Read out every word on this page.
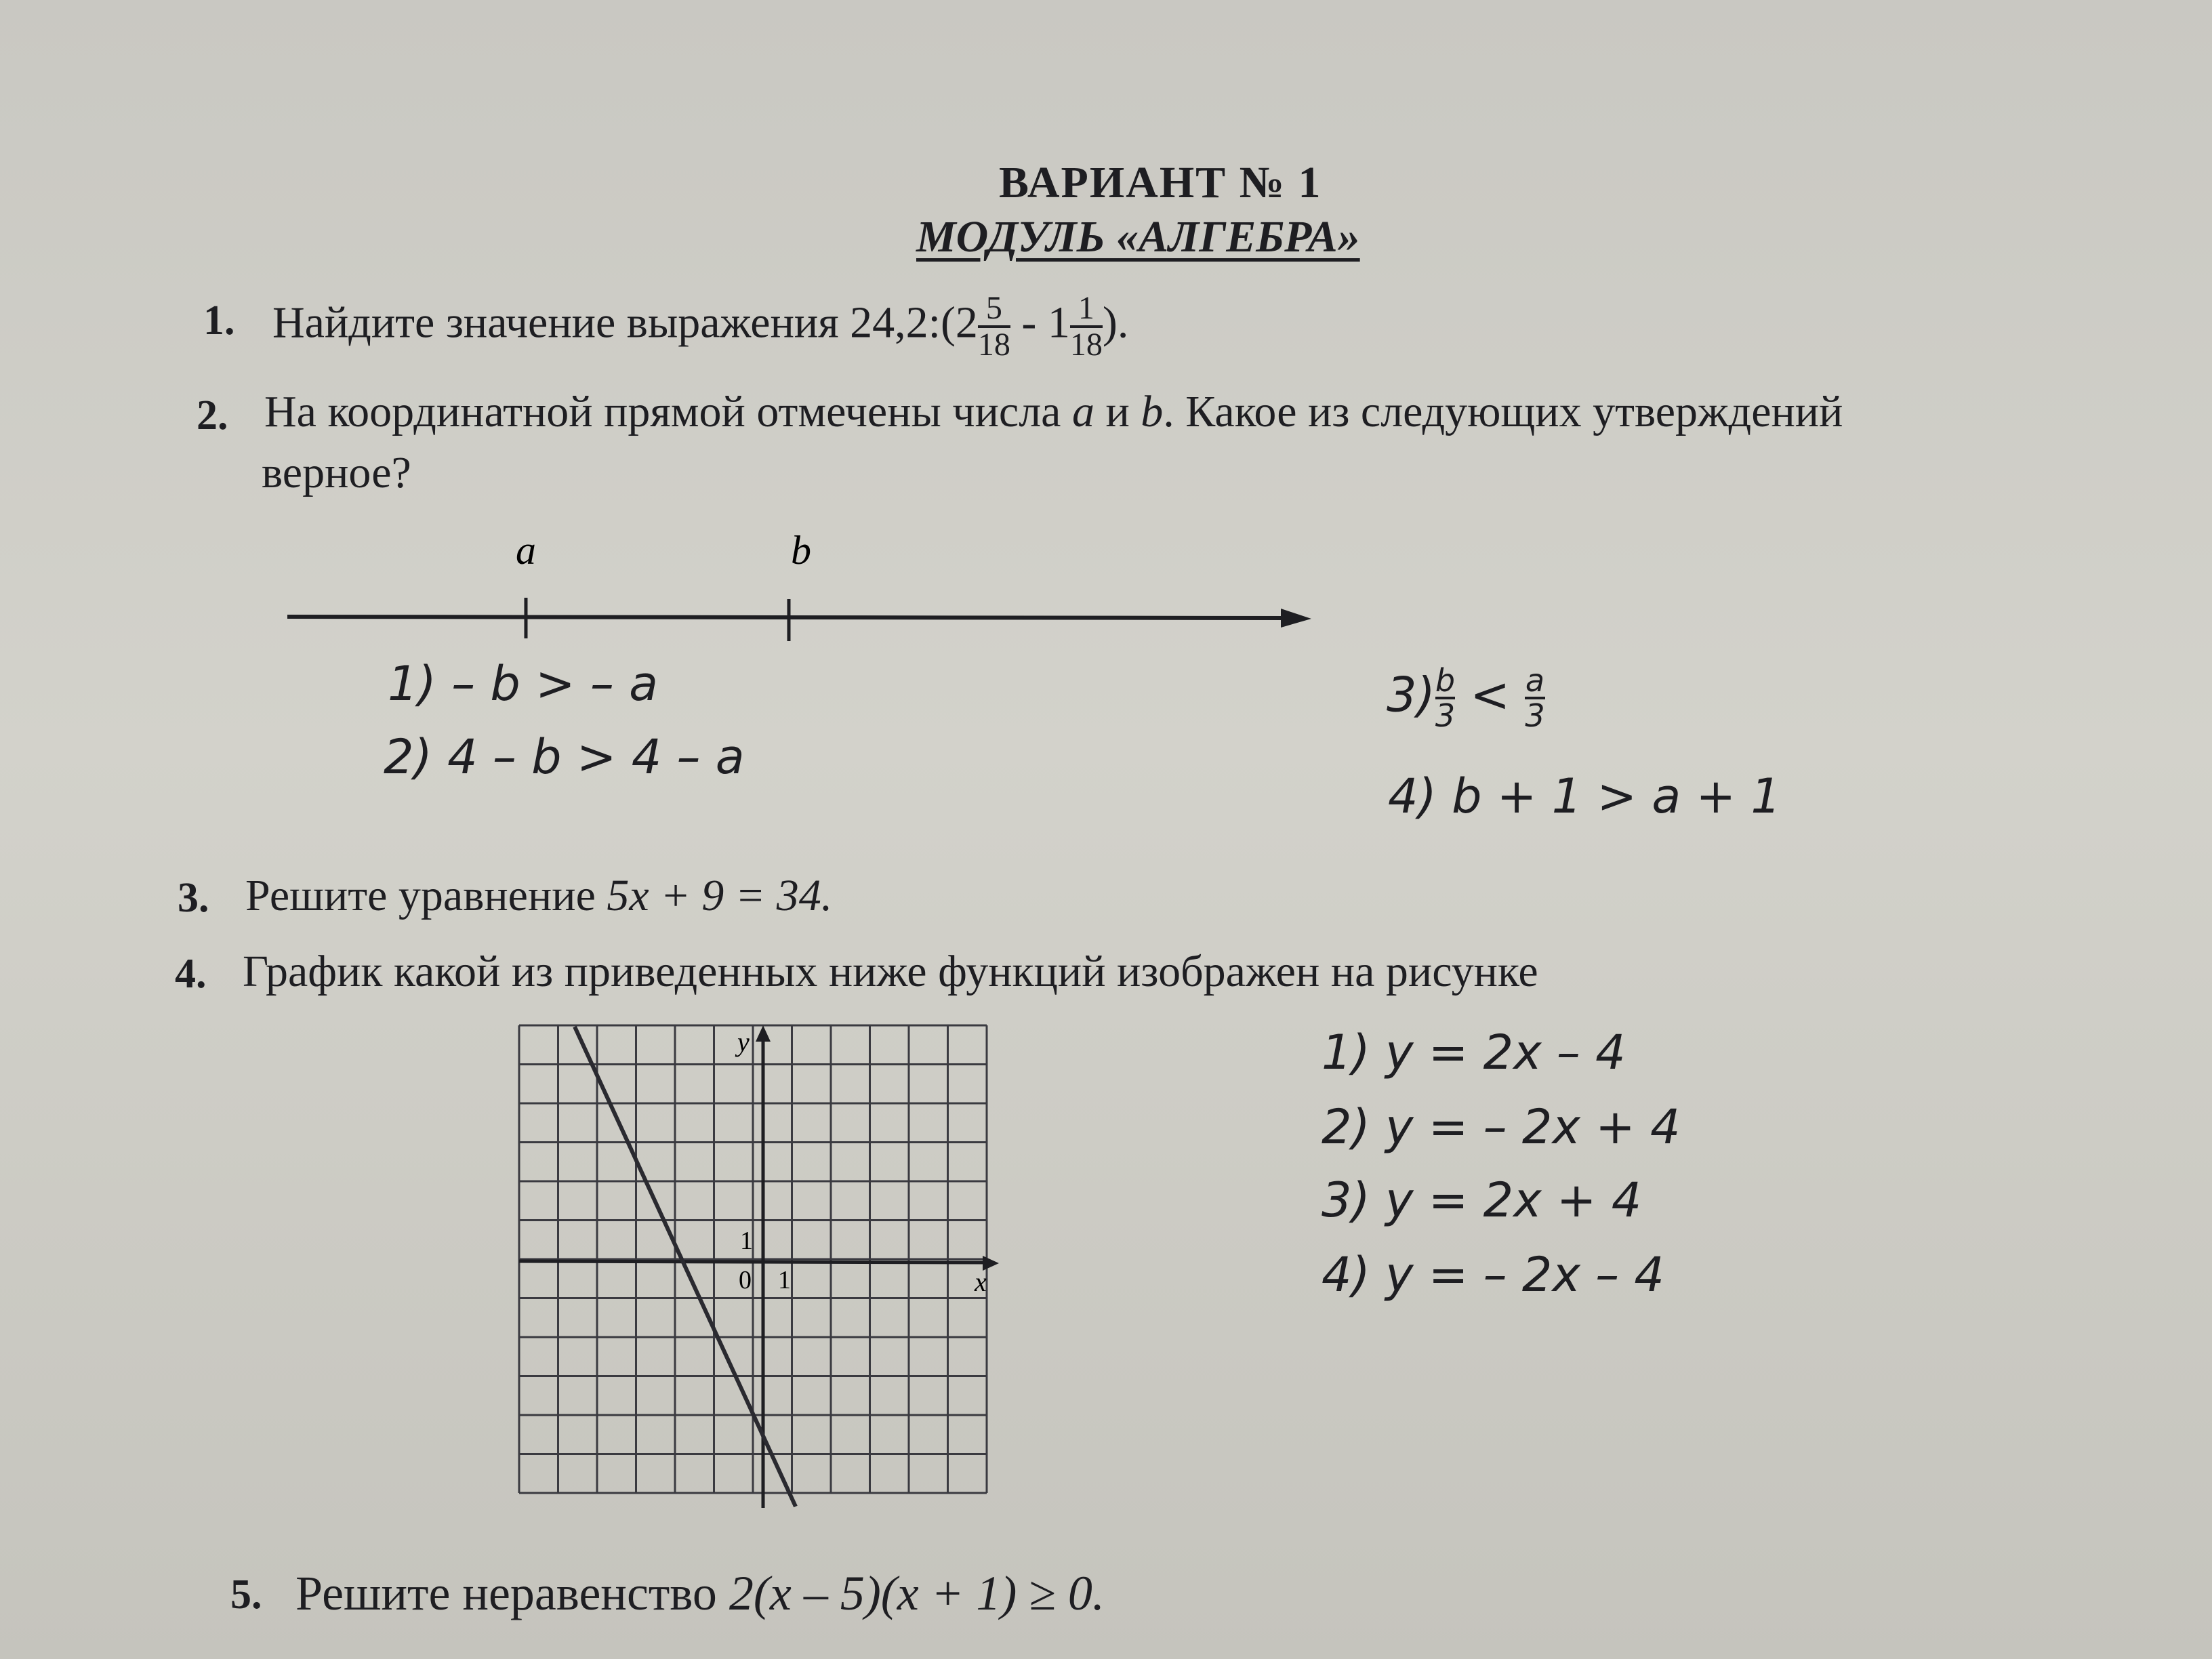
ВАРИАНТ № 1
МОДУЛЬ «АЛГЕБРА»
1. Найдите значение выражения $24,2:(2\frac{5}{18} - 1\frac{1}{18}$ ).
2. На координатной прямой отмечены числа a и b. Какое из следующих утверждений
верное?
a	b
1) – b > – a
2) 4 – b > 4 – a
$3)\frac{b}{3} < \frac{a}{3}$
4) b + 1 > a + 1
3. Решите уравнение 5x + 9 = 34.
4. График какой из приведенных ниже функций изображен на рисунке
y
x
0 1
1
1) y = 2x – 4
2) y = – 2x + 4
3) y = 2x + 4
4) y = – 2x – 4
5. Решите неравенство 2(x – 5)(x + 1) ≥ 0.
